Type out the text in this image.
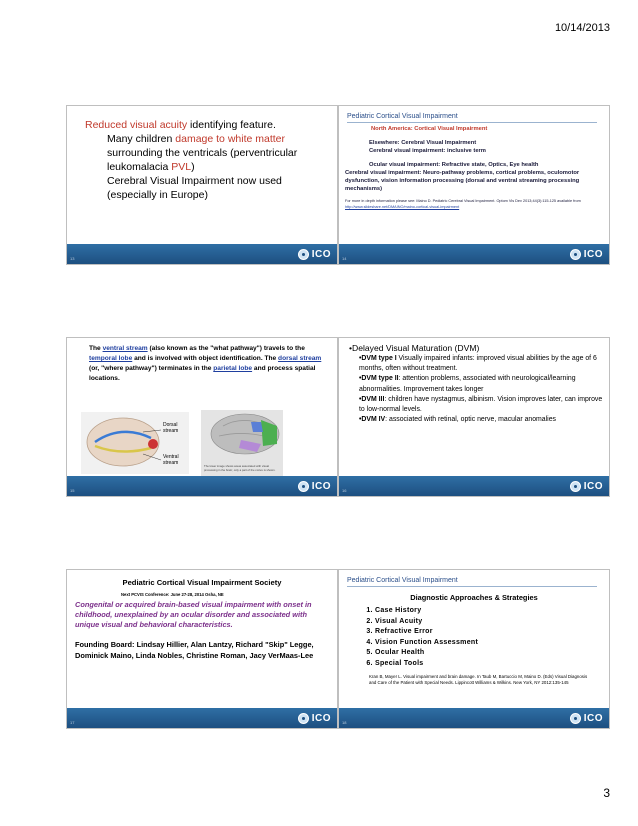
10/14/2013
Reduced visual acuity identifying feature.
Many children damage to white matter surrounding the ventricals (perventricular leukomalacia PVL)
Cerebral Visual Impairment now used (especially in Europe)
13	ICO
Pediatric Cortical Visual Impairment
North America: Cortical Visual Impairment
Elsewhere: Cerebral Visual Impairment
Cerebral visual impairment: inclusive term
Ocular visual impairment: Refractive state, Optics, Eye health
Cerebral visual impairment: Neuro-pathway problems, cortical problems, oculomotor dysfunction, vision information processing (dorsal and ventral streaming processing mechanisms)
For more in depth information please see: Maino D. Pediatric Cerebral Visual Impairment. Optom Vis Dev 2013;44(3):115-125 available from http://www.slideshare.net/DMAINO/maino-cortical-visual-impairment
14	ICO
The ventral stream (also known as the "what pathway") travels to the temporal lobe and is involved with object identification. The dorsal stream (or, "where pathway") terminates in the parietal lobe and process spatial locations.
Dorsal stream
Ventral stream	The lower image shows areas associated with visual processing in the brain; only a part of the cortex is shown.
15	ICO
•Delayed Visual Maturation (DVM)
•DVM type I Visually impaired infants: improved visual abilities by the age of 6 months, often without treatment.
•DVM type II: attention problems, associated with neurological/learning abnormalities. Improvement takes longer
•DVM III: children have nystagmus, albinism. Vision improves later, can improve to low-normal levels.
•DVM IV: associated with retinal, optic nerve, macular anomalies
16	ICO
Pediatric Cortical Visual Impairment Society
Next PCVIS Conference: June 27-28, 2014 Osha, NE
Congenital or acquired brain-based visual impairment with onset in childhood, unexplained by an ocular disorder and associated with unique visual and behavioral characteristics.
Founding Board: Lindsay Hillier, Alan Lantzy, Richard "Skip" Legge, Dominick Maino, Linda Nobles, Christine Roman, Jacy VerMaas-Lee
17	ICO
Pediatric Cortical Visual Impairment
Diagnostic Approaches & Strategies
1. Case History
2. Visual Acuity
3. Refractive Error
4. Vision Function Assessment
5. Ocular Health
6. Special Tools
Kran B, Mayer L. Visual impairment and brain damage. In Taub M, Bartuccio M, Maino D. (Eds) Visual Diagnosis and Care of the Patient with Special Needs. Lippincott Williams & Wilkins. New York, NY 2012:135-145
18	ICO
3
